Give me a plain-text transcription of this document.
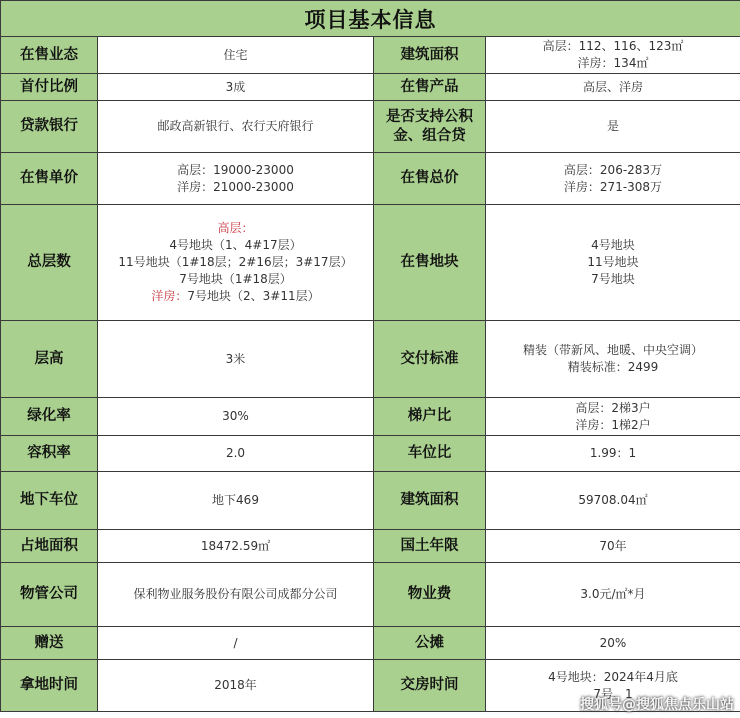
项目基本信息			
在售业态	住宅	建筑面积	高层：112、116、123㎡
洋房：134㎡

首付比例	3成	在售产品	高层、洋房

贷款银行	邮政高新银行、农行天府银行	是否支持公积
金、组合贷	是

在售单价	高层：19000-23000
洋房：21000-23000	在售总价	高层：206-283万
洋房：271-308万

总层数	高层：
4号地块（1、4#17层）
11号地块（1#18层；2#16层；3#17层）
7号地块（1#18层）
洋房：7号地块（2、3#11层）	在售地块	4号地块
11号地块
7号地块

层高	3米	交付标准	精装（带新风、地暖、中央空调）
精装标准：2499

绿化率	30%	梯户比	高层：2梯3户
洋房：1梯2户

容积率	2.0	车位比	1.99：1

地下车位	地下469	建筑面积	59708.04㎡

占地面积	18472.59㎡	国土年限	70年

物管公司	保利物业服务股份有限公司成都分公司	物业费	3.0元/㎡*月

赠送	/	公摊	20%

拿地时间	2018年	交房时间	4号地块：2024年4月底
7号、1
搜狐号@搜狐焦点乐山站
